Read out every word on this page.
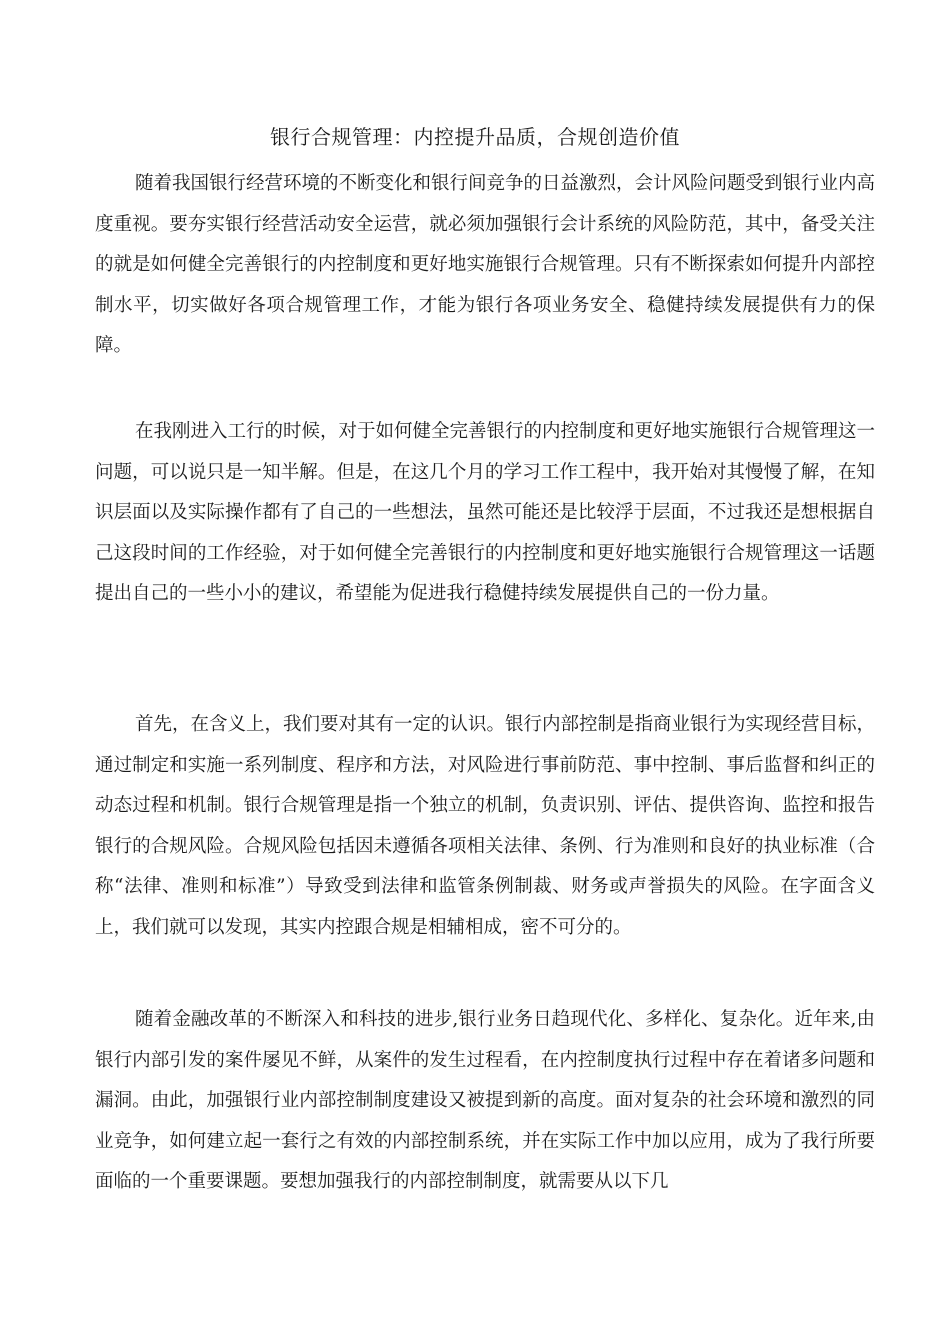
银行合规管理：内控提升品质，合规创造价值

随着我国银行经营环境的不断变化和银行间竞争的日益激烈，会计风险问题受到银行业内高度重视。要夯实银行经营活动安全运营，就必须加强银行会计系统的风险防范，其中，备受关注的就是如何健全完善银行的内控制度和更好地实施银行合规管理。只有不断探索如何提升内部控制水平，切实做好各项合规管理工作，才能为银行各项业务安全、稳健持续发展提供有力的保障。

在我刚进入工行的时候，对于如何健全完善银行的内控制度和更好地实施银行合规管理这一问题，可以说只是一知半解。但是，在这几个月的学习工作工程中，我开始对其慢慢了解，在知识层面以及实际操作都有了自己的一些想法，虽然可能还是比较浮于层面，不过我还是想根据自己这段时间的工作经验，对于如何健全完善银行的内控制度和更好地实施银行合规管理这一话题提出自己的一些小小的建议，希望能为促进我行稳健持续发展提供自己的一份力量。

首先，在含义上，我们要对其有一定的认识。银行内部控制是指商业银行为实现经营目标，通过制定和实施一系列制度、程序和方法，对风险进行事前防范、事中控制、事后监督和纠正的动态过程和机制。银行合规管理是指一个独立的机制，负责识别、评估、提供咨询、监控和报告银行的合规风险。合规风险包括因未遵循各项相关法律、条例、行为准则和良好的执业标准（合称“法律、准则和标准”）导致受到法律和监管条例制裁、财务或声誉损失的风险。在字面含义上，我们就可以发现，其实内控跟合规是相辅相成，密不可分的。

随着金融改革的不断深入和科技的进步,银行业务日趋现代化、多样化、复杂化。近年来,由银行内部引发的案件屡见不鲜，从案件的发生过程看，在内控制度执行过程中存在着诸多问题和漏洞。由此，加强银行业内部控制制度建设又被提到新的高度。面对复杂的社会环境和激烈的同业竞争，如何建立起一套行之有效的内部控制系统，并在实际工作中加以应用，成为了我行所要面临的一个重要课题。要想加强我行的内部控制制度，就需要从以下几
